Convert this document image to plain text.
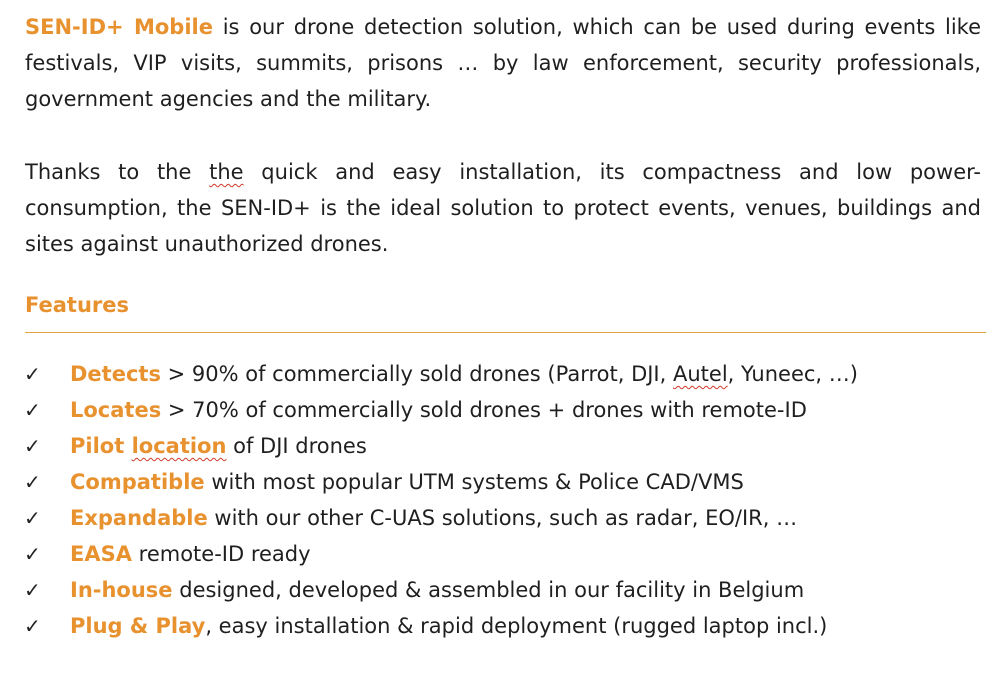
SEN-ID+ Mobile is our drone detection solution, which can be used during events like festivals, VIP visits, summits, prisons … by law enforcement, security professionals, government agencies and the military.

Thanks to the the quick and easy installation, its compactness and low power-consumption, the SEN-ID+ is the ideal solution to protect events, venues, buildings and sites against unauthorized drones.

Features
✓	Detects > 90% of commercially sold drones (Parrot, DJI, Autel, Yuneec, …)
✓	Locates > 70% of commercially sold drones + drones with remote-ID
✓	Pilot location of DJI drones
✓	Compatible with most popular UTM systems & Police CAD/VMS
✓	Expandable with our other C-UAS solutions, such as radar, EO/IR, …
✓	EASA remote-ID ready
✓	In-house designed, developed & assembled in our facility in Belgium
✓	Plug & Play, easy installation & rapid deployment (rugged laptop incl.)
